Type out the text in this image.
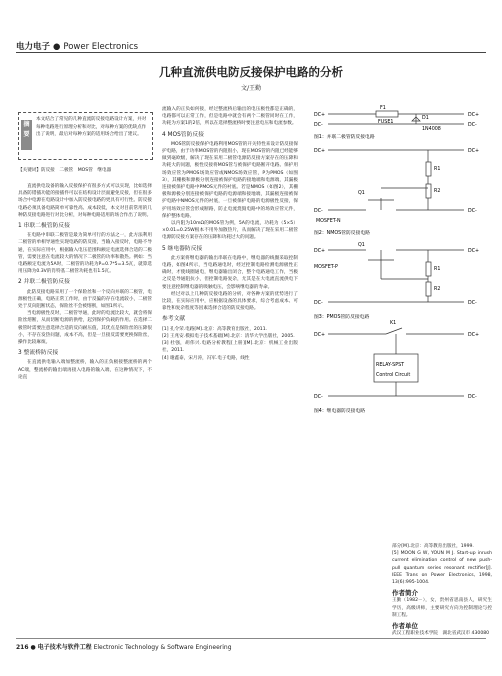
电力电子 ● Power Electronics
几种直流供电防反接保护电路的分析
文/王勤
摘要
本文结合了常见的几种直流防反接电路设计方案，并对每种电路进行原理分析和对比，对每种方案的优缺点作出了说明，最后对每种方案的适用场合给出了建议。
【关键词】防反接　二极管　MOS管　继电器

直流供电设备的输入反接保护有很多方式可以实现，比如选择具备防错插功能的接插件可以在结构设计层面避免反接，但在很多场合中电源在电路设计中加入防反接电路的更具有可行性。防反接电路必须具备电路简单可靠性高、成本较低，本文对目前常用的几种防反接电路进行对比分析，对每种电路适用的场合作出了说明。

1 串联二极管防反接

在电路中串联二极管是最为简单可行的方法之一，此方法利用二极管的单相导通性实现电路的防反接，当输入接反时，电路不导通，在实际应用中，根据输入电压范围和额定电流选择合适的二极管，需要注意在电流较大的情况下二极管的功率和散热。例如：当电路额定电流为5A时，二极管的功耗为P=0.7*5=3.5瓦，就算选用压降为0.3V的肖特基二极管功耗也有1.5瓦。

2 并联二极管防反接

此防反接电路采用了一个保险丝和一个反向并联的二极管，电源极性正确，电路正常工作时，由于反偏的存在电流较小，二极管处于反向阻断状态，保险丝不会被熔断，如图1所示。

当电源极性反时，二极管导通，此时的电流比较大，就会将保险丝熔断，从而切断电源的供给，起到保护负载的作用。在选择二极管时需要注意选择合适的反向耐压值，其优点是保险丝的压降很小，不存在发热问题，成本不高，但是一旦接反需要更换保险丝，操作比较麻烦。

3 整流桥防反接

在直流供电输入端加整流桥，输入的正负极接整流桥的两个AC端，整流桥的输出端再接入电路的输入端，在这种情况下，不论直

流输入的正负如何接，经过整流桥后输出的电压极性都是正确的，电路都可以正常工作，但是电路中就会有两个二极管同时在工作，功耗为方案1的2倍，所以在选择整流桥时要注意电压和电流参数。

4 MOS管防反接

MOS管防反接保护电路利用MOS管的开关特性来设计防反接保护电路，由于功率MOS管的内阻很小，现在MOS管的内阻已经能够做到毫欧级，解决了现在采用二极管电源防反接方案存在的压降和功耗大的问题，极性反接将MOS管与被保护电路断开电路。保护用场效应管为PMOS场效应管或NMOS场效应管，P为PMOS（如图3），其栅极和源极分别连接被保护电路的接地端和电源端，其漏极连接被保护电路中PMOS元件的衬底。若是NMOS（如图2），其栅极和源极分别连接被保护电路的电源端和接地端，其漏极连接被保护电路中NMOS元件的衬底，一旦被保护电路的电源极性反接，保护用场效应管会形成断路，防止电流烧毁电路中的场效应管元件，保护整体电路。

以内阻为10mΩ的MOS管为例，5A的电流，功耗为（5×5）×0.01=0.25W根本不用外加散热片，从而解决了现在采用二极管电源防反接方案存在的压降和功耗过大的问题。

5 继电器防反接

此方案将继电器的输出串联在电路中，继电器的线圈采取控制电路，如图4所示，当电路通电时，经过控制电路检测电源极性正确时，才使线圈通电，继电器输出闭合，整个电路通电工作，当极之反是导通阻抗小，但控制电路复杂，尤其是在大电流直流供电下要注意控制继电器的吸触电压，会影响继电器的寿命。

经过对以上几种防反接电路的分析，对各种方案的优势进行了比较，在实际应用中，应根据设备的具体要求，综合考虑成本、可靠性和复杂程度等因素选择合适的防反接电路。

参考文献
[1] 孔令荣.电路[M].北京：高等教育出版社，2011.
[2] 王兆安.模拟电子技术基础[M].北京：清华大学出版社，2005.
[3] 杜强，胡伟兴.电路分析教程[上册][M].北京：机械工业出版社，2011.
[4] 谢鑫泰，宋月涛，冯军.电子电路，线性
DC+	DC+
DC-	DC-
F1
FUSE1
D1
1N4008
图1：并联二极管防反接电路
DC+	DC+
DC-	DC-
R1
R2
Q1
MOSFET-N
图2：NMOS管防反接电路
DC+	DC+
DC-	DC-
Q1
MOSFET-P	R1
R2
图3：PMOS管防反接电路
DC+	DC+
DC-	DC-
K1
RELAY-SPST
Control Circuit
图4：继电器防反接电路
部分[M].北京：高等教育出版社，1999.
[5] MOON G W, YOUN M J. Start-up inrush current elimination control of new push-pull quantum series resonant rectifier[J]. IEEE Trans on Power Electronics, 1998, 13(6):995-1004.
作者简介
王勤（1982－），女，贵州省思南县人，研究生学历，高级讲师，主要研究方向为控制理论与控制工程。
作者单位
武汉工程职业技术学院　湖北省武汉市 430080
216 ● 电子技术与软件工程 Electronic Technology & Software Engineering
